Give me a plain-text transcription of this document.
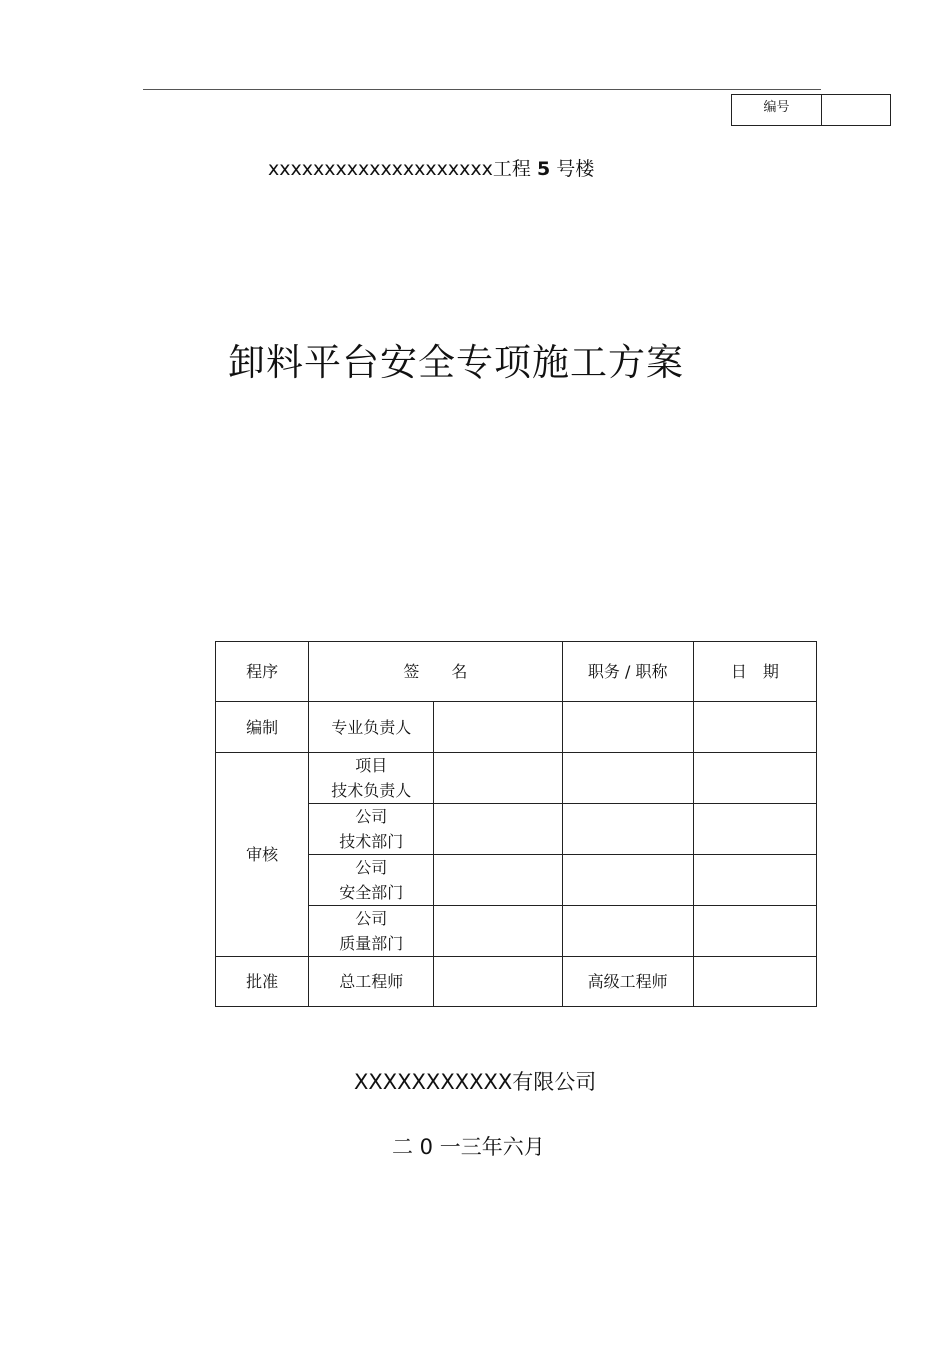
编号
xxxxxxxxxxxxxxxxxxxx工程 5 号楼
卸料平台安全专项施工方案
程序	签　　名		职务 / 职称	日　期
编制	专业负责人			
审核	项目
技术负责人			

	公司
技术部门			

	公司
安全部门			

	公司
质量部门			

批准	总工程师		高级工程师	
XXXXXXXXXXX有限公司
二 0 一三年六月
